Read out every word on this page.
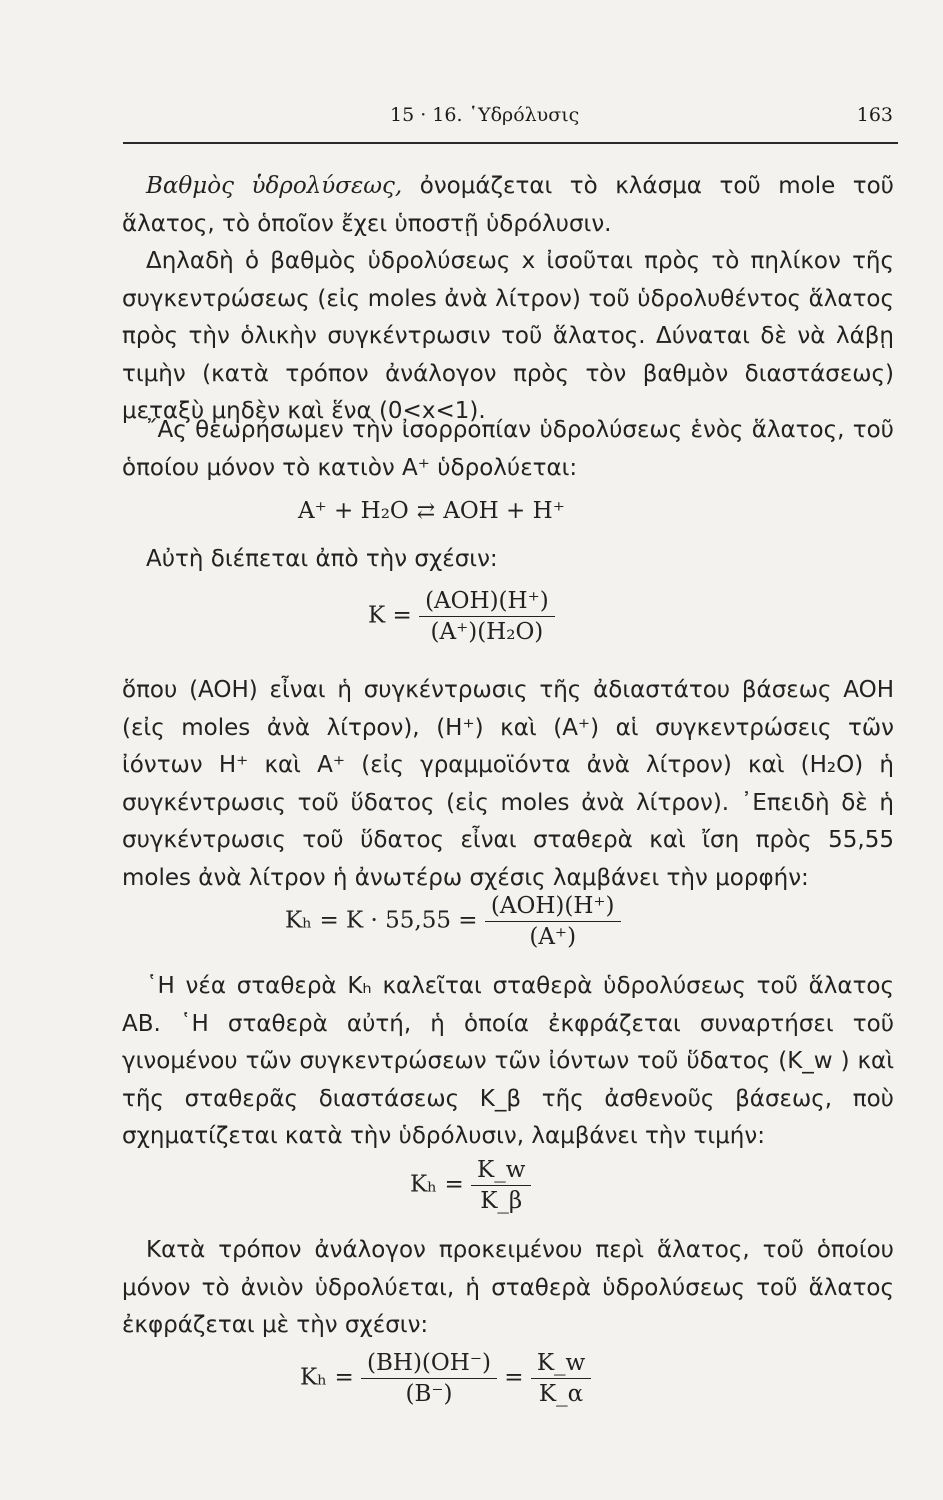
15 · 16. ῾Υδρόλυσις	163

Βαθμὸς ὑδρολύσεως, ὀνομάζεται τὸ κλάσμα τοῦ mole τοῦ ἅλατος, τὸ ὁποῖον ἔχει ὑποστῇ ὑδρόλυσιν.

Δηλαδὴ ὁ βαθμὸς ὑδρολύσεως x ἰσοῦται πρὸς τὸ πηλίκον τῆς συγκεντρώσεως (εἰς moles ἀνὰ λίτρον) τοῦ ὑδρολυθέντος ἅλατος πρὸς τὴν ὁλικὴν συγκέντρωσιν τοῦ ἅλατος. Δύναται δὲ νὰ λάβῃ τιμὴν (κατὰ τρόπον ἀνάλογον πρὸς τὸν βαθμὸν διαστάσεως) μεταξὺ μηδὲν καὶ ἕνα (0<x<1).

῎Ας θεωρήσωμεν τὴν ἰσορροπίαν ὑδρολύσεως ἑνὸς ἅλατος, τοῦ ὁποίου μόνον τὸ κατιὸν A⁺ ὑδρολύεται:

A⁺ + H₂O ⇄ AOH + H⁺

Αὐτὴ διέπεται ἀπὸ τὴν σχέσιν:

$K = \frac{\text{(AOH)(H⁺)}}{\text{(A⁺)(H₂O)}}$

ὅπου (AOH) εἶναι ἡ συγκέντρωσις τῆς ἀδιαστάτου βάσεως AOH (εἰς moles ἀνὰ λίτρον), (H⁺) καὶ (A⁺) αἱ συγκεντρώσεις τῶν ἰόντων H⁺ καὶ A⁺ (εἰς γραμμοϊόντα ἀνὰ λίτρον) καὶ (H₂O) ἡ συγκέντρωσις τοῦ ὕδατος (εἰς moles ἀνὰ λίτρον). ᾽Επειδὴ δὲ ἡ συγκέντρωσις τοῦ ὕδατος εἶναι σταθερὰ καὶ ἴση πρὸς 55,55 moles ἀνὰ λίτρον ἡ ἀνωτέρω σχέσις λαμβάνει τὴν μορφήν:

$K_h = K \cdot 55,55 = \frac{\text{(AOH)(H⁺)}}{(A^+)}$

῾Η νέα σταθερὰ Kₕ καλεῖται σταθερὰ ὑδρολύσεως τοῦ ἅλατος AB. ῾Η σταθερὰ αὐτή, ἡ ὁποία ἐκφράζεται συναρτήσει τοῦ γινομένου τῶν συγκεντρώσεων τῶν ἰόντων τοῦ ὕδατος (K_w ) καὶ τῆς σταθερᾶς διαστάσεως K_β τῆς ἀσθενοῦς βάσεως, ποὺ σχηματίζεται κατὰ τὴν ὑδρόλυσιν, λαμβάνει τὴν τιμήν:

$K_h = \frac{K\_w}{K\_\beta}$

Κατὰ τρόπον ἀνάλογον προκειμένου περὶ ἅλατος, τοῦ ὁποίου μόνον τὸ ἀνιὸν ὑδρολύεται, ἡ σταθερὰ ὑδρολύσεως τοῦ ἅλατος ἐκφράζεται μὲ τὴν σχέσιν:

$K_h = \frac{(BH)(OH^-)}{(B^-)} = \frac{K\_w}{K\_\alpha}$
